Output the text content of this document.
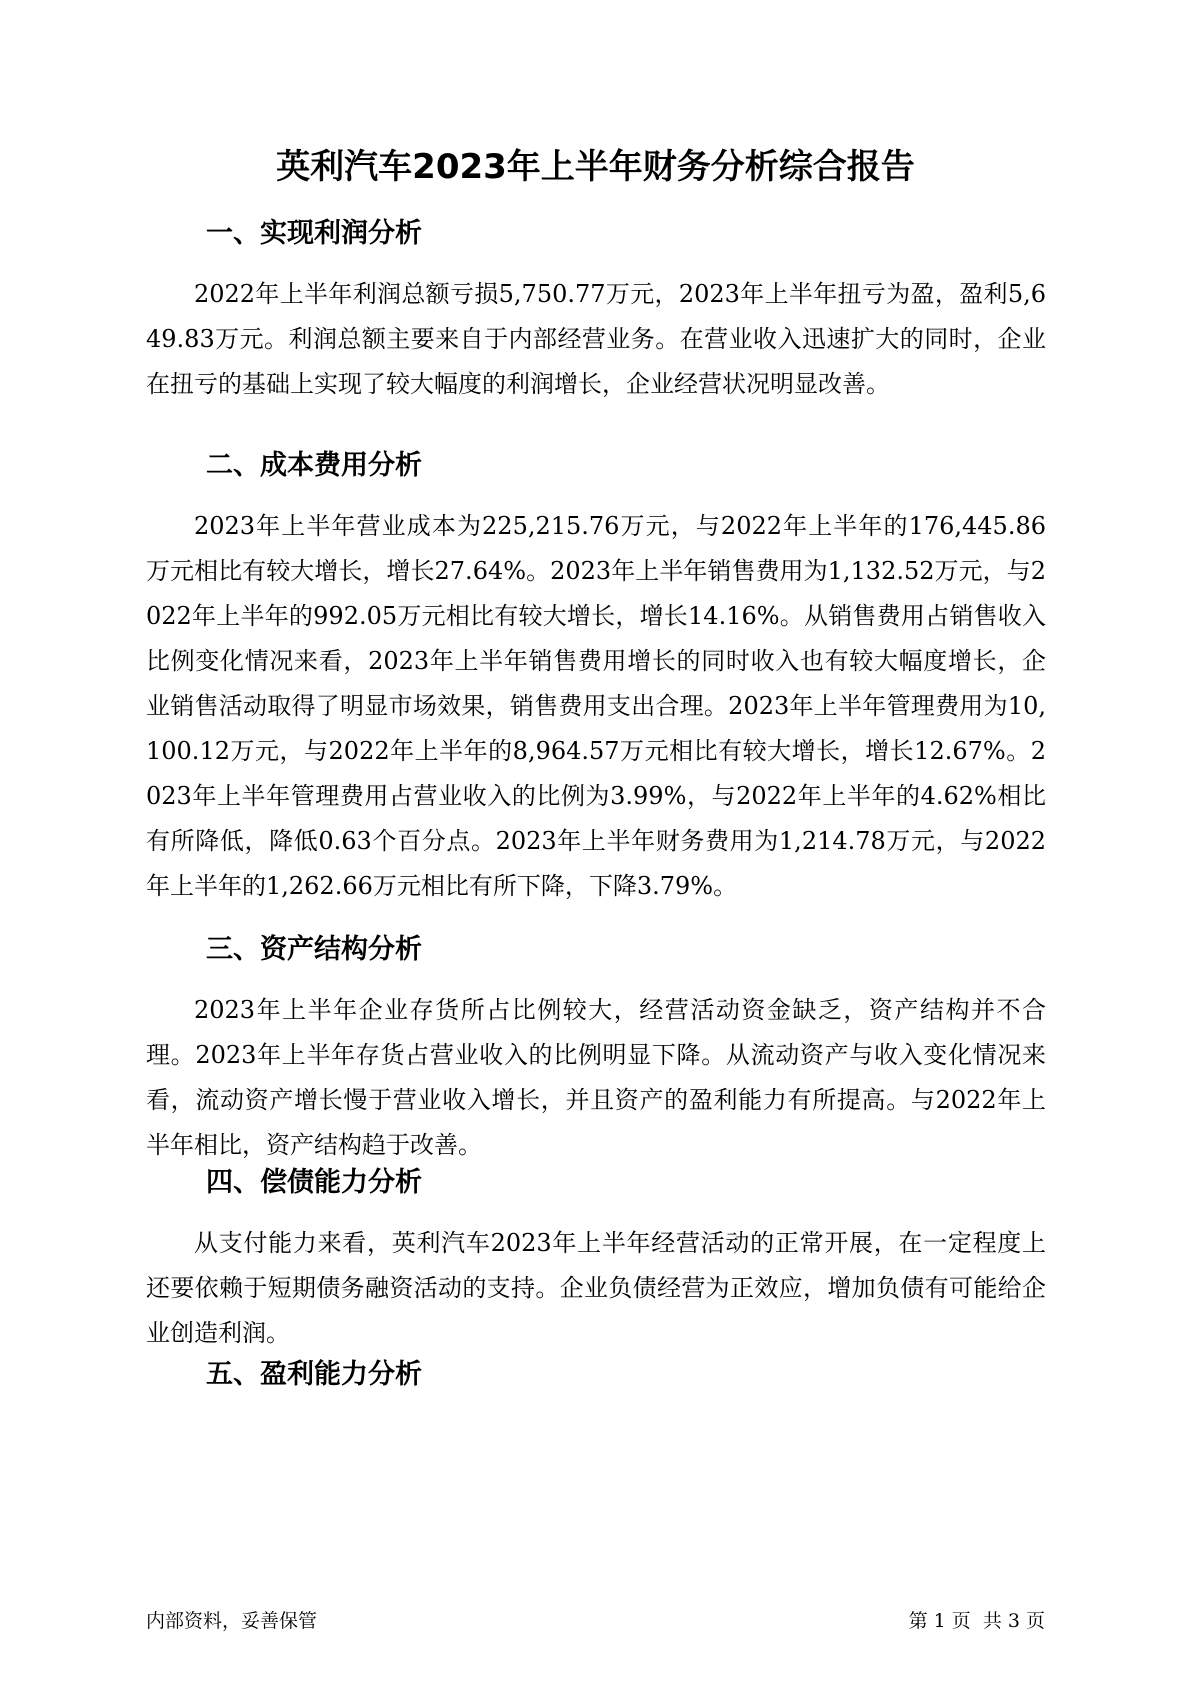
英利汽车2023年上半年财务分析综合报告
一、实现利润分析

2022年上半年利润总额亏损5,750.77万元，2023年上半年扭亏为盈，盈利5,649.83万元。利润总额主要来自于内部经营业务。在营业收入迅速扩大的同时，企业在扭亏的基础上实现了较大幅度的利润增长，企业经营状况明显改善。

二、成本费用分析

2023年上半年营业成本为225,215.76万元，与2022年上半年的176,445.86万元相比有较大增长，增长27.64%。2023年上半年销售费用为1,132.52万元，与2022年上半年的992.05万元相比有较大增长，增长14.16%。从销售费用占销售收入比例变化情况来看，2023年上半年销售费用增长的同时收入也有较大幅度增长，企业销售活动取得了明显市场效果，销售费用支出合理。2023年上半年管理费用为10,100.12万元，与2022年上半年的8,964.57万元相比有较大增长，增长12.67%。2023年上半年管理费用占营业收入的比例为3.99%，与2022年上半年的4.62%相比有所降低，降低0.63个百分点。2023年上半年财务费用为1,214.78万元，与2022年上半年的1,262.66万元相比有所下降，下降3.79%。

三、资产结构分析

2023年上半年企业存货所占比例较大，经营活动资金缺乏，资产结构并不合理。2023年上半年存货占营业收入的比例明显下降。从流动资产与收入变化情况来看，流动资产增长慢于营业收入增长，并且资产的盈利能力有所提高。与2022年上半年相比，资产结构趋于改善。

四、偿债能力分析

从支付能力来看，英利汽车2023年上半年经营活动的正常开展，在一定程度上还要依赖于短期债务融资活动的支持。企业负债经营为正效应，增加负债有可能给企业创造利润。

五、盈利能力分析
内部资料，妥善保管	第 1 页  共 3 页
